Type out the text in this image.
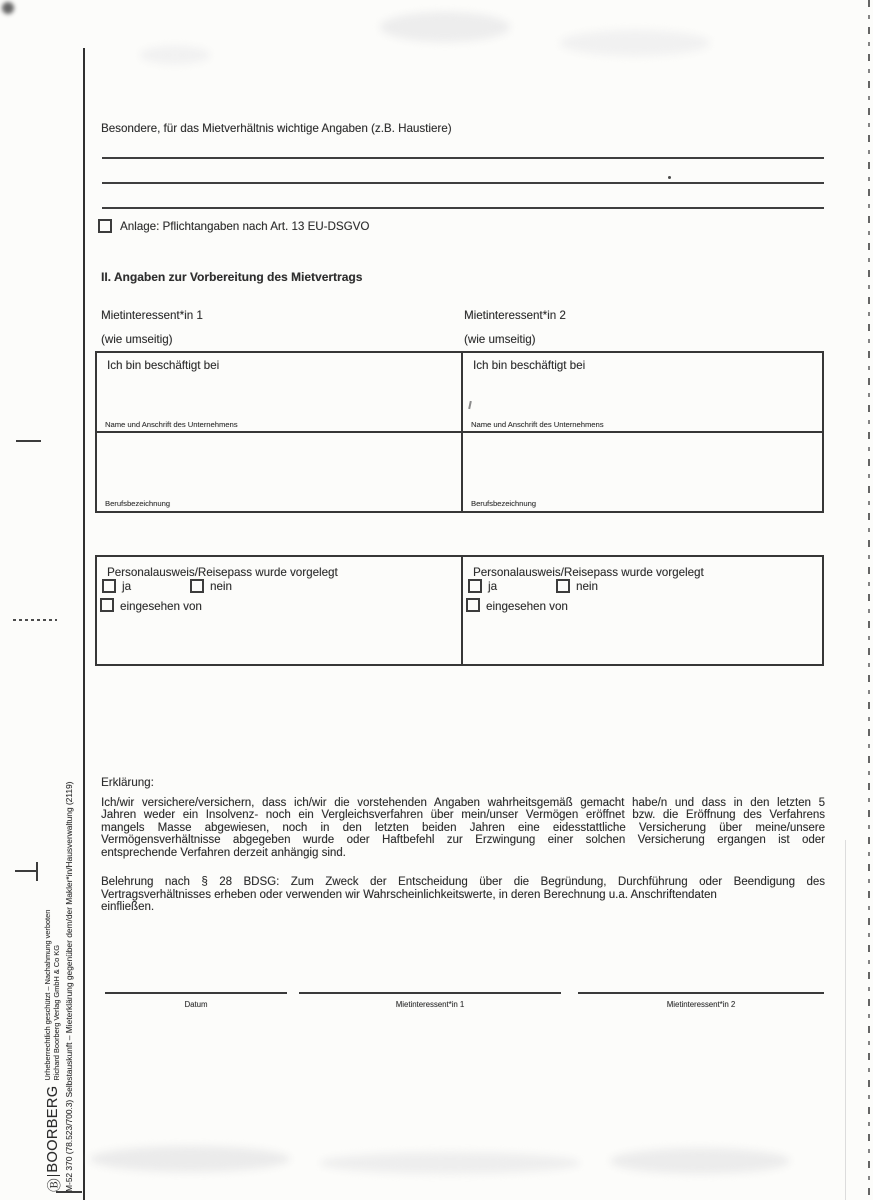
Besondere, für das Mietverhältnis wichtige Angaben (z.B. Haustiere)
Anlage: Pflichtangaben nach Art. 13 EU-DSGVO
II. Angaben zur Vorbereitung des Mietvertrags
Mietinteressent*in 1	Mietinteressent*in 2
(wie umseitig)	(wie umseitig)
Ich bin beschäftigt bei	Ich bin beschäftigt bei
Name und Anschrift des Unternehmens	Name und Anschrift des Unternehmens
Berufsbezeichnung	Berufsbezeichnung
Personalausweis/Reisepass wurde vorgelegt
ja	nein
eingesehen von
Personalausweis/Reisepass wurde vorgelegt
ja	nein
eingesehen von
Erklärung:
Ich/wir versichere/versichern, dass ich/wir die vorstehenden Angaben wahrheitsgemäß gemacht habe/n und dass in den letzten 5
Jahren weder ein Insolvenz- noch ein Vergleichsverfahren über mein/unser Vermögen eröffnet bzw. die Eröffnung des Verfahrens
mangels Masse abgewiesen, noch in den letzten beiden Jahren eine eidesstattliche Versicherung über meine/unsere
Vermögensverhältnisse abgegeben wurde oder Haftbefehl zur Erzwingung einer solchen Versicherung ergangen ist oder
entsprechende Verfahren derzeit anhängig sind.
Belehrung nach § 28 BDSG: Zum Zweck der Entscheidung über die Begründung, Durchführung oder Beendigung des
Vertragsverhältnisses erheben oder verwenden wir Wahrscheinlichkeitswerte, in deren Berechnung u.a. Anschriftendaten
einfließen.
Datum	Mietinteressent*in 1	Mietinteressent*in 2
Ⓑ
BOORBERG
Urheberrechtlich geschützt – Nachahmung verboten Richard Boorberg Verlag GmbH & Co KG M-52 370 (78.523/700.3) Selbstauskunft – Mieterklärung gegenüber dem/der Makler*in/Hausverwaltung (2119)
